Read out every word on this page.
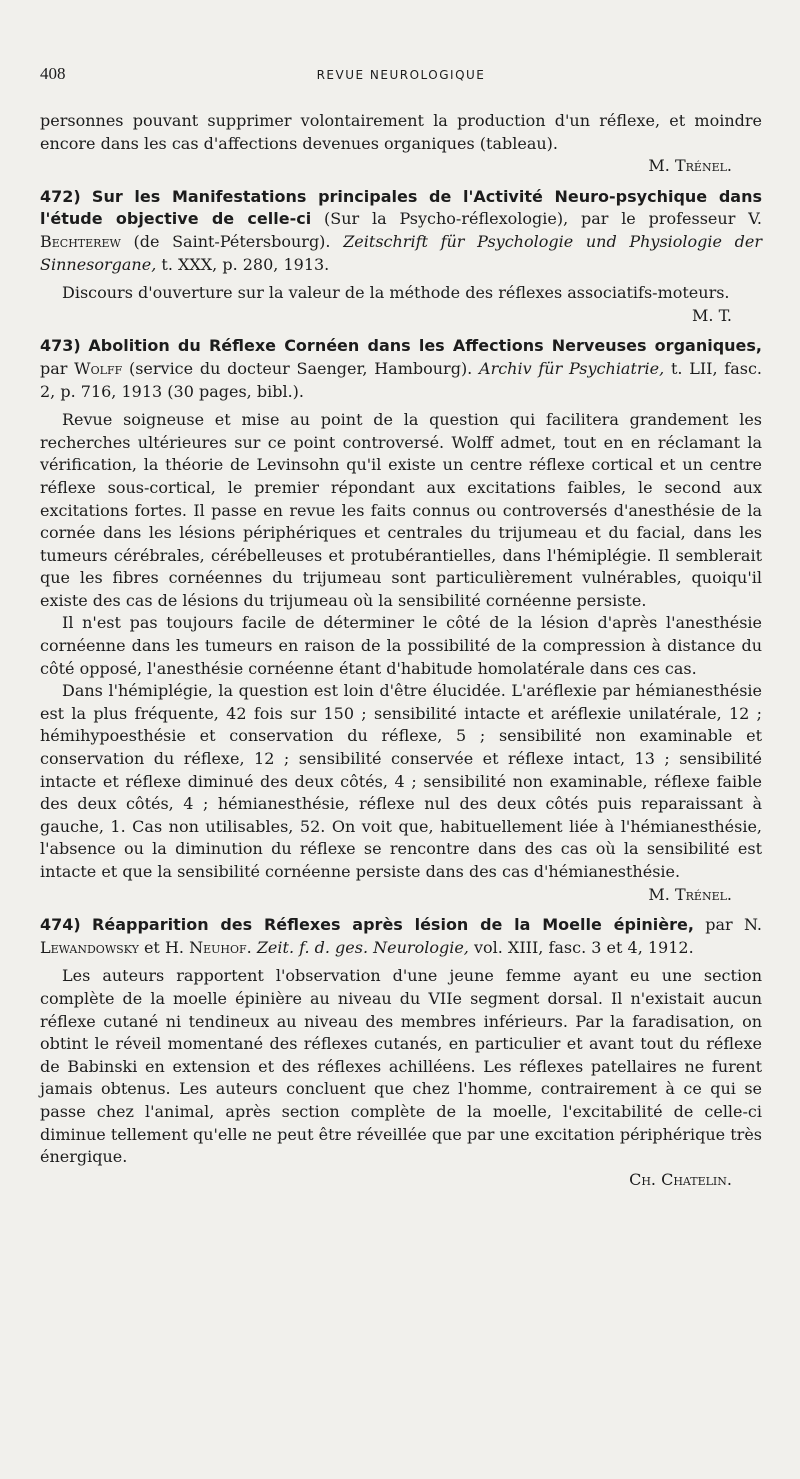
408	REVUE NEUROLOGIQUE

personnes pouvant supprimer volontairement la production d'un réflexe, et moindre encore dans les cas d'affections devenues organiques (tableau).

M. Trénel.

472) Sur les Manifestations principales de l'Activité Neuro-psychique dans l'étude objective de celle-ci (Sur la Psycho-réflexologie), par le professeur V. Bechterew (de Saint-Pétersbourg). Zeitschrift für Psychologie und Physiologie der Sinnesorgane, t. XXX, p. 280, 1913.

Discours d'ouverture sur la valeur de la méthode des réflexes associatifs-moteurs.
M. T.

473) Abolition du Réflexe Cornéen dans les Affections Nerveuses organiques, par Wolff (service du docteur Saenger, Hambourg). Archiv für Psychiatrie, t. LII, fasc. 2, p. 716, 1913 (30 pages, bibl.).

Revue soigneuse et mise au point de la question qui facilitera grandement les recherches ultérieures sur ce point controversé. Wolff admet, tout en en réclamant la vérification, la théorie de Levinsohn qu'il existe un centre réflexe cortical et un centre réflexe sous-cortical, le premier répondant aux excitations faibles, le second aux excitations fortes. Il passe en revue les faits connus ou controversés d'anesthésie de la cornée dans les lésions périphériques et centrales du trijumeau et du facial, dans les tumeurs cérébrales, cérébelleuses et protubérantielles, dans l'hémiplégie. Il semblerait que les fibres cornéennes du trijumeau sont particulièrement vulnérables, quoiqu'il existe des cas de lésions du trijumeau où la sensibilité cornéenne persiste.

Il n'est pas toujours facile de déterminer le côté de la lésion d'après l'anesthésie cornéenne dans les tumeurs en raison de la possibilité de la compression à distance du côté opposé, l'anesthésie cornéenne étant d'habitude homolatérale dans ces cas.

Dans l'hémiplégie, la question est loin d'être élucidée. L'aréflexie par hémianesthésie est la plus fréquente, 42 fois sur 150 ; sensibilité intacte et aréflexie unilatérale, 12 ; hémihypoesthésie et conservation du réflexe, 5 ; sensibilité non examinable et conservation du réflexe, 12 ; sensibilité conservée et réflexe intact, 13 ; sensibilité intacte et réflexe diminué des deux côtés, 4 ; sensibilité non examinable, réflexe faible des deux côtés, 4 ; hémianesthésie, réflexe nul des deux côtés puis reparaissant à gauche, 1. Cas non utilisables, 52. On voit que, habituellement liée à l'hémianesthésie, l'absence ou la diminution du réflexe se rencontre dans des cas où la sensibilité est intacte et que la sensibilité cornéenne persiste dans des cas d'hémianesthésie.
M. Trénel.

474) Réapparition des Réflexes après lésion de la Moelle épinière, par N. Lewandowsky et H. Neuhof. Zeit. f. d. ges. Neurologie, vol. XIII, fasc. 3 et 4, 1912.

Les auteurs rapportent l'observation d'une jeune femme ayant eu une section complète de la moelle épinière au niveau du VIIe segment dorsal. Il n'existait aucun réflexe cutané ni tendineux au niveau des membres inférieurs. Par la faradisation, on obtint le réveil momentané des réflexes cutanés, en particulier et avant tout du réflexe de Babinski en extension et des réflexes achilléens. Les réflexes patellaires ne furent jamais obtenus. Les auteurs concluent que chez l'homme, contrairement à ce qui se passe chez l'animal, après section complète de la moelle, l'excitabilité de celle-ci diminue tellement qu'elle ne peut être réveillée que par une excitation périphérique très énergique.

Ch. Chatelin.
